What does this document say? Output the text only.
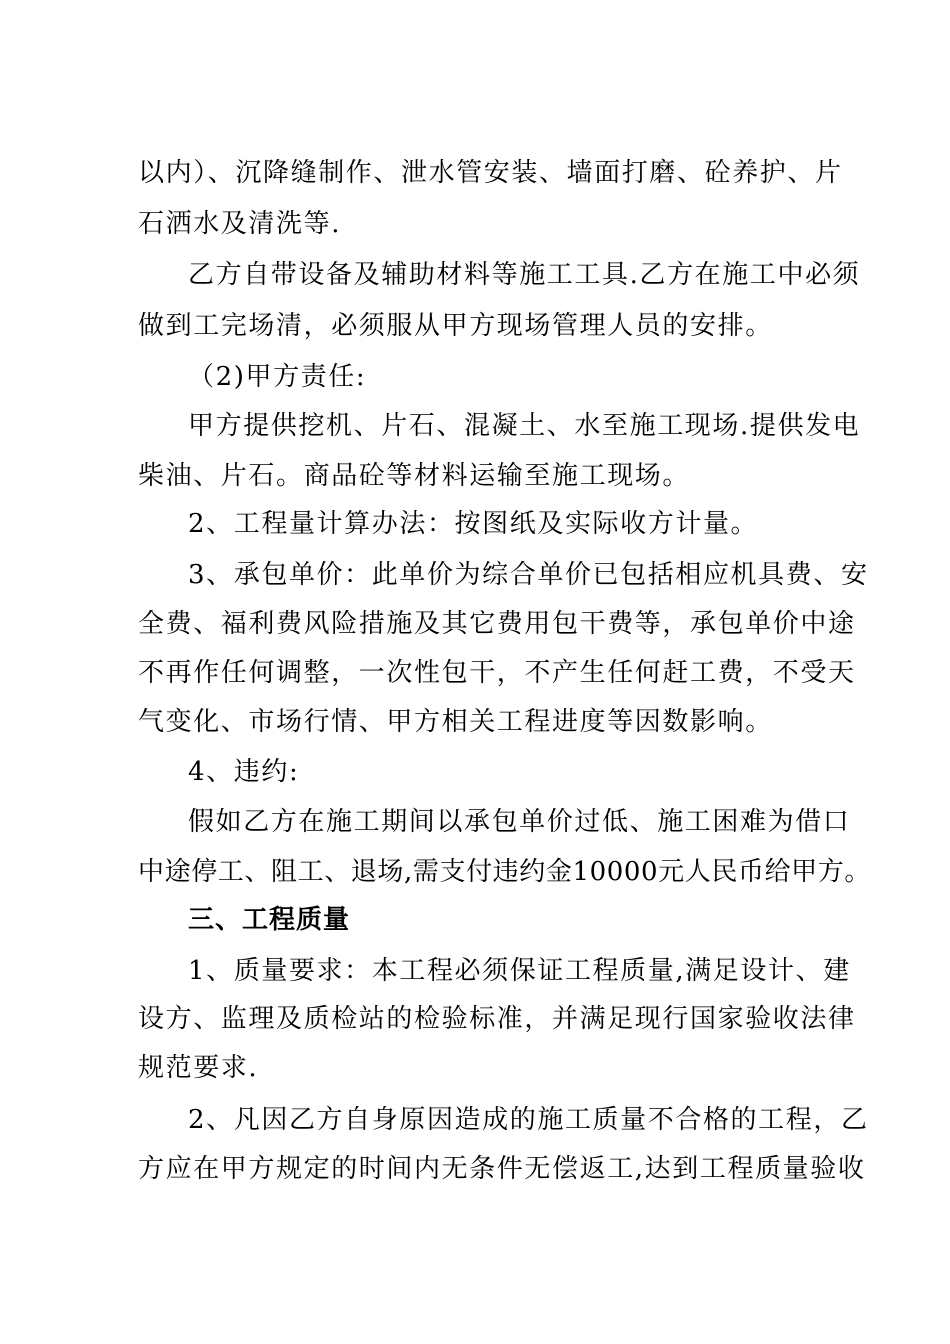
以内）、沉降缝制作、泄水管安装、墙面打磨、砼养护、片
石洒水及清洗等.
乙方自带设备及辅助材料等施工工具.乙方在施工中必须
做到工完场清，必须服从甲方现场管理人员的安排。
（2)甲方责任:
甲方提供挖机、片石、混凝土、水至施工现场.提供发电
柴油、片石。商品砼等材料运输至施工现场。
2、工程量计算办法：按图纸及实际收方计量。
3、承包单价：此单价为综合单价已包括相应机具费、安
全费、福利费风险措施及其它费用包干费等，承包单价中途
不再作任何调整，一次性包干，不产生任何赶工费，不受天
气变化、市场行情、甲方相关工程进度等因数影响。
4、违约:
假如乙方在施工期间以承包单价过低、施工困难为借口
中途停工、阻工、退场,需支付违约金10000元人民币给甲方。
三、工程质量
1、质量要求：本工程必须保证工程质量,满足设计、建
设方、监理及质检站的检验标准，并满足现行国家验收法律
规范要求.
2、凡因乙方自身原因造成的施工质量不合格的工程，乙
方应在甲方规定的时间内无条件无偿返工,达到工程质量验收
